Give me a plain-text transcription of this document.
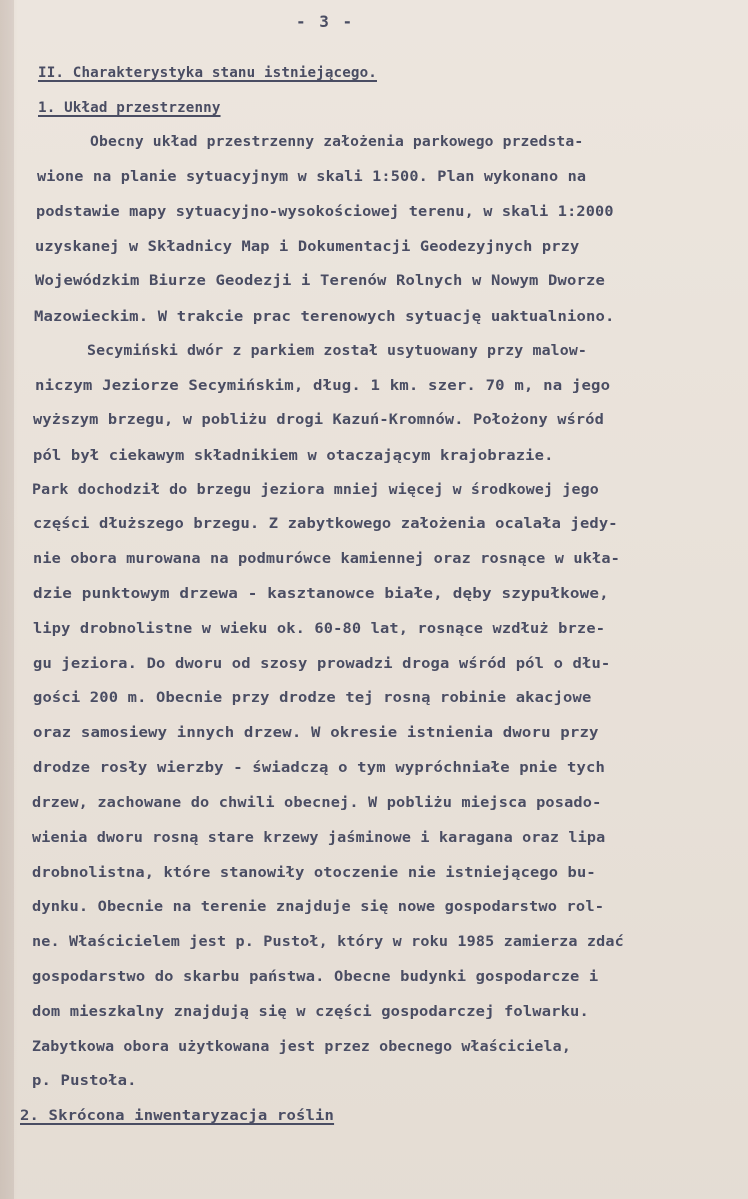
- 3 -
II. Charakterystyka stanu istniejącego.
1. Układ przestrzenny
Obecny układ przestrzenny założenia parkowego przedsta-
wione na planie sytuacyjnym w skali 1:500. Plan wykonano na
podstawie mapy sytuacyjno-wysokościowej terenu, w skali 1:2000
uzyskanej w Składnicy Map i Dokumentacji Geodezyjnych przy
Wojewódzkim Biurze Geodezji i Terenów Rolnych w Nowym Dworze
Mazowieckim. W trakcie prac terenowych sytuację uaktualniono.
Secymiński dwór z parkiem został usytuowany przy malow-
niczym Jeziorze Secymińskim, dług. 1 km. szer. 70 m, na jego
wyższym brzegu, w pobliżu drogi Kazuń-Kromnów. Położony wśród
pól był ciekawym składnikiem w otaczającym krajobrazie.
Park dochodził do brzegu jeziora mniej więcej w środkowej jego
części dłuższego brzegu. Z zabytkowego założenia ocalała jedy-
nie obora murowana na podmurówce kamiennej oraz rosnące w ukła-
dzie punktowym drzewa - kasztanowce białe, dęby szypułkowe,
lipy drobnolistne w wieku ok. 60-80 lat, rosnące wzdłuż brze-
gu jeziora. Do dworu od szosy prowadzi droga wśród pól o dłu-
gości 200 m. Obecnie przy drodze tej rosną robinie akacjowe
oraz samosiewy innych drzew. W okresie istnienia dworu przy
drodze rosły wierzby - świadczą o tym wypróchniałe pnie tych
drzew, zachowane do chwili obecnej. W pobliżu miejsca posado-
wienia dworu rosną stare krzewy jaśminowe i karagana oraz lipa
drobnolistna, które stanowiły otoczenie nie istniejącego bu-
dynku. Obecnie na terenie znajduje się nowe gospodarstwo rol-
ne. Właścicielem jest p. Pustoł, który w roku 1985 zamierza zdać
gospodarstwo do skarbu państwa. Obecne budynki gospodarcze i
dom mieszkalny znajdują się w części gospodarczej folwarku.
Zabytkowa obora użytkowana jest przez obecnego właściciela,
p. Pustoła.
2. Skrócona inwentaryzacja roślin
